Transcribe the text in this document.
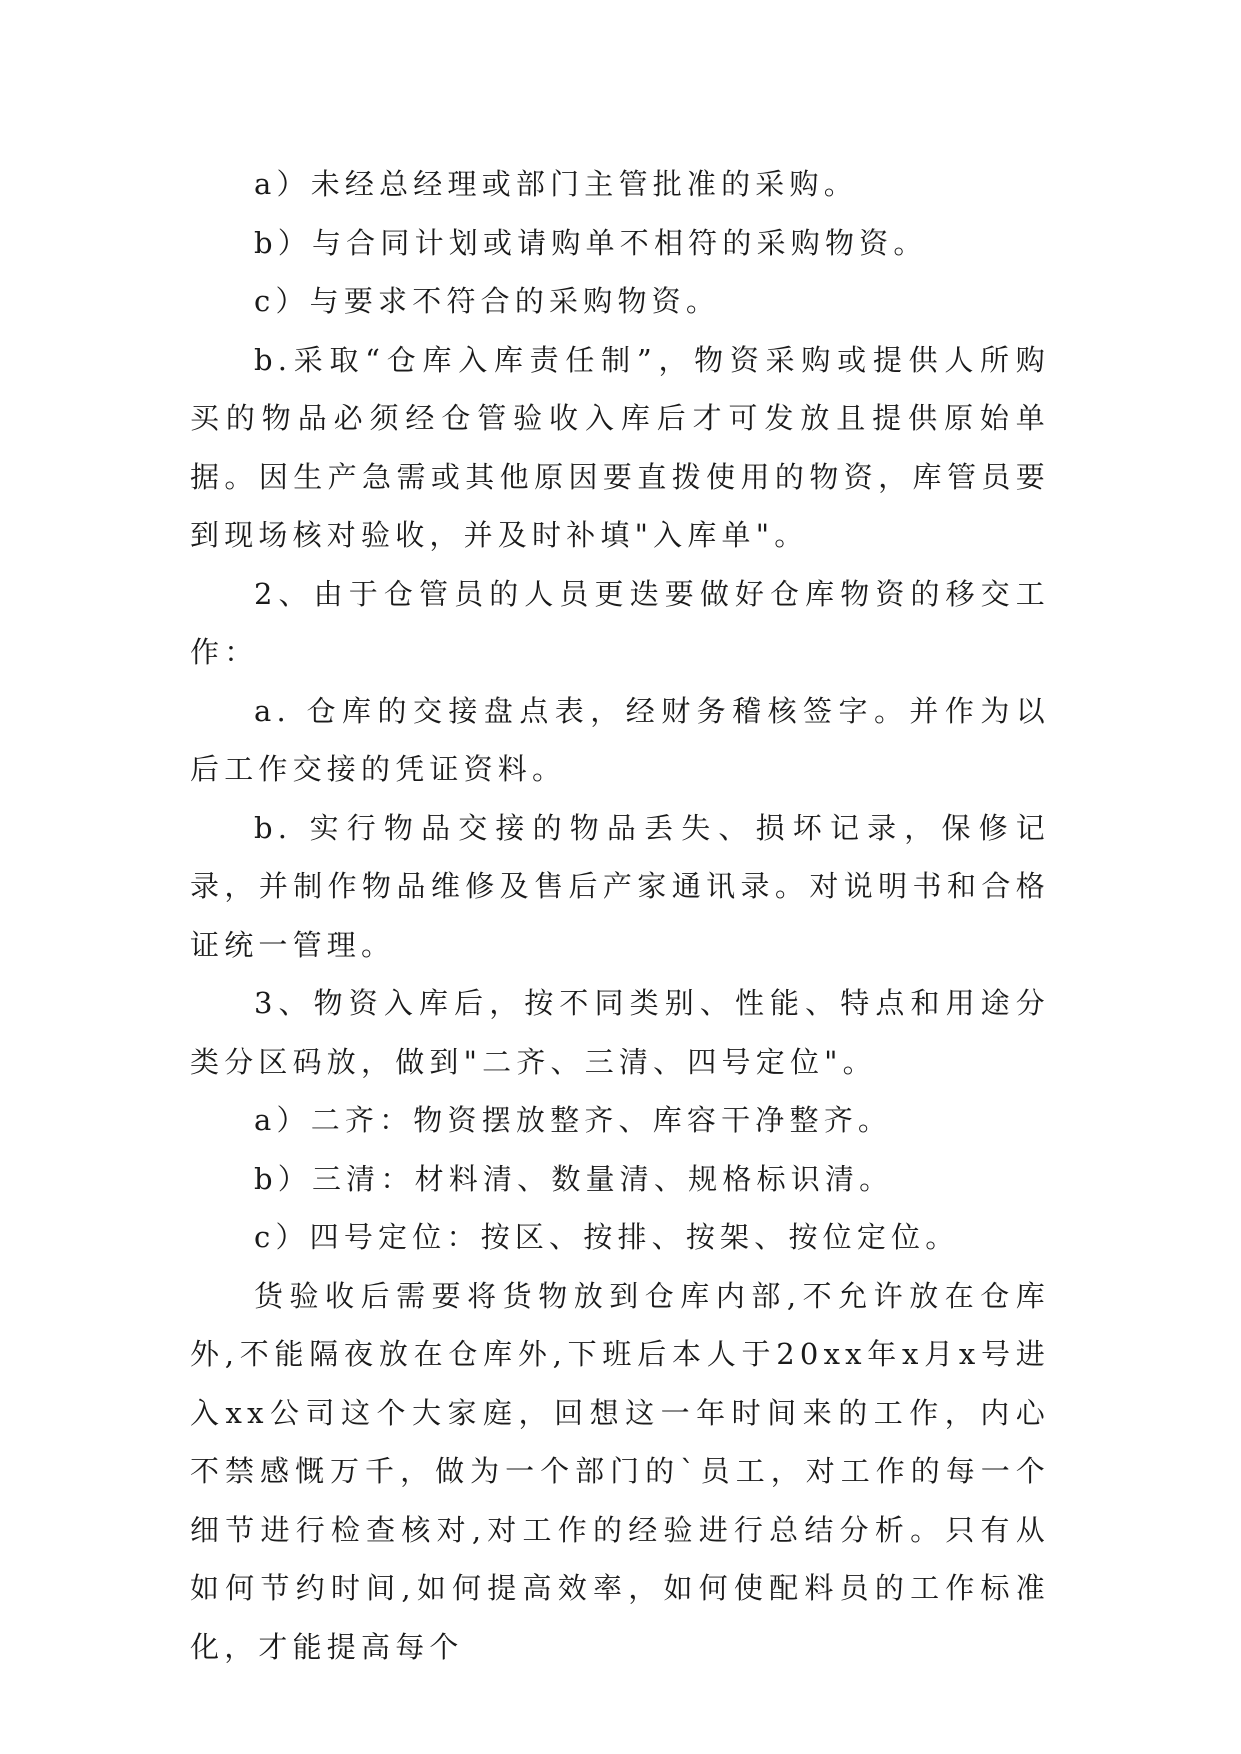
a）未经总经理或部门主管批准的采购。

b）与合同计划或请购单不相符的采购物资。

c）与要求不符合的采购物资。

b.采取“仓库入库责任制”，物资采购或提供人所购买的物品必须经仓管验收入库后才可发放且提供原始单据。因生产急需或其他原因要直拨使用的物资，库管员要到现场核对验收，并及时补填"入库单"。

2、由于仓管员的人员更迭要做好仓库物资的移交工作：

a. 仓库的交接盘点表，经财务稽核签字。并作为以后工作交接的凭证资料。

b. 实行物品交接的物品丢失、损坏记录，保修记录，并制作物品维修及售后产家通讯录。对说明书和合格证统一管理。

3、物资入库后，按不同类别、性能、特点和用途分类分区码放，做到"二齐、三清、四号定位"。

a）二齐：物资摆放整齐、库容干净整齐。

b）三清：材料清、数量清、规格标识清。

c）四号定位：按区、按排、按架、按位定位。

货验收后需要将货物放到仓库内部,不允许放在仓库外,不能隔夜放在仓库外,下班后本人于20xx年x月x号进入xx公司这个大家庭，回想这一年时间来的工作，内心不禁感慨万千，做为一个部门的`员工，对工作的每一个细节进行检查核对,对工作的经验进行总结分析。只有从如何节约时间,如何提高效率，如何使配料员的工作标准化，才能提高每个
